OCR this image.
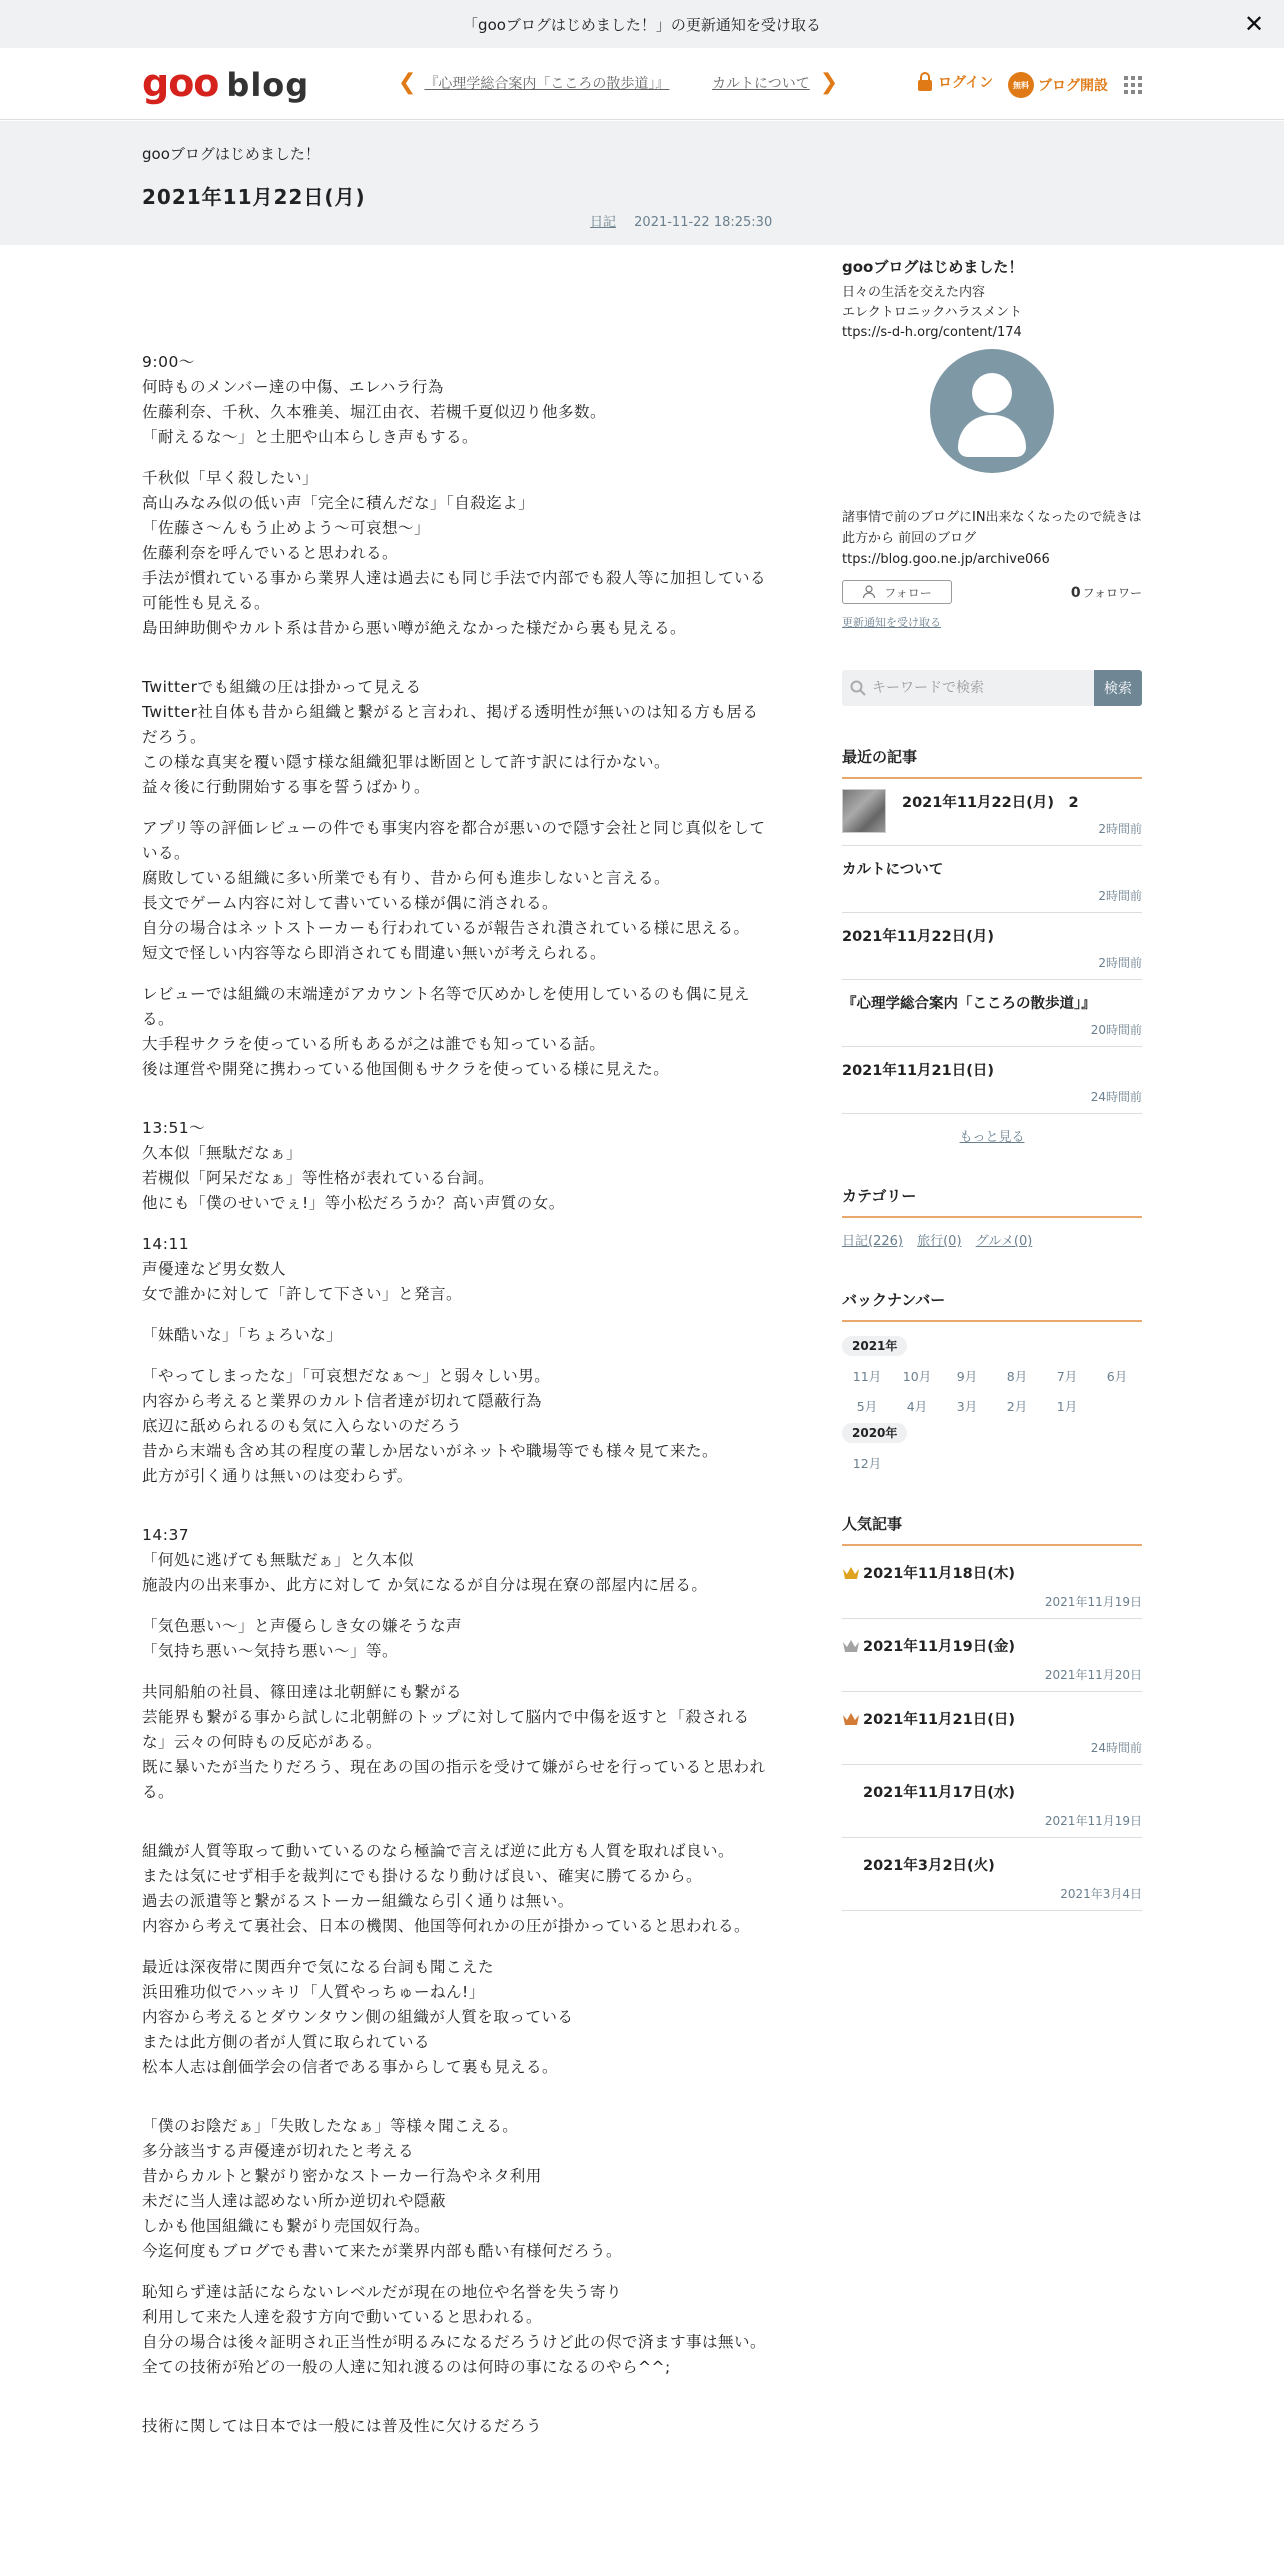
「gooブログはじめました！」の更新通知を受け取る	✕
goo blog	❮ 『心理学総合案内「こころの散歩道」』	カルトについて ❯	ログイン	無料 ブログ開設
gooブログはじめました！
2021年11月22日(月)
日記 2021-11-22 18:25:30

9:00～
何時ものメンバー達の中傷、エレハラ行為
佐藤利奈、千秋、久本雅美、堀江由衣、若槻千夏似辺り他多数。
「耐えるな～」と土肥や山本らしき声もする。

千秋似「早く殺したい」
高山みなみ似の低い声「完全に積んだな」「自殺迄よ」
「佐藤さ～んもう止めよう～可哀想～」
佐藤利奈を呼んでいると思われる。
手法が慣れている事から業界人達は過去にも同じ手法で内部でも殺人等に加担している可能性も見える。
島田紳助側やカルト系は昔から悪い噂が絶えなかった様だから裏も見える。

Twitterでも組織の圧は掛かって見える
Twitter社自体も昔から組織と繋がると言われ、掲げる透明性が無いのは知る方も居るだろう。
この様な真実を覆い隠す様な組織犯罪は断固として許す訳には行かない。
益々後に行動開始する事を誓うばかり。

アプリ等の評価レビューの件でも事実内容を都合が悪いので隠す会社と同じ真似をしている。
腐敗している組織に多い所業でも有り、昔から何も進歩しないと言える。
長文でゲーム内容に対して書いている様が偶に消される。
自分の場合はネットストーカーも行われているが報告され潰されている様に思える。
短文で怪しい内容等なら即消されても間違い無いが考えられる。

レビューでは組織の末端達がアカウント名等で仄めかしを使用しているのも偶に見える。
大手程サクラを使っている所もあるが之は誰でも知っている話。
後は運営や開発に携わっている他国側もサクラを使っている様に見えた。

13:51～
久本似「無駄だなぁ」
若槻似「阿呆だなぁ」等性格が表れている台詞。
他にも「僕のせいでぇ!」等小松だろうか？高い声質の女。

14:11
声優達など男女数人
女で誰かに対して「許して下さい」と発言。

「妹酷いな」「ちょろいな」

「やってしまったな」「可哀想だなぁ～」と弱々しい男。
内容から考えると業界のカルト信者達が切れて隠蔽行為
底辺に舐められるのも気に入らないのだろう
昔から末端も含め其の程度の輩しか居ないがネットや職場等でも様々見て来た。
此方が引く通りは無いのは変わらず。

14:37
「何処に逃げても無駄だぁ」と久本似
施設内の出来事か、此方に対して か気になるが自分は現在寮の部屋内に居る。

「気色悪い～」と声優らしき女の嫌そうな声
「気持ち悪い～気持ち悪い～」等。

共同船舶の社員、篠田達は北朝鮮にも繋がる
芸能界も繋がる事から試しに北朝鮮のトップに対して脳内で中傷を返すと「殺されるな」云々の何時もの反応がある。
既に暴いたが当たりだろう、現在あの国の指示を受けて嫌がらせを行っていると思われる。

組織が人質等取って動いているのなら極論で言えば逆に此方も人質を取れば良い。
または気にせず相手を裁判にでも掛けるなり動けば良い、確実に勝てるから。
過去の派遣等と繋がるストーカー組織なら引く通りは無い。
内容から考えて裏社会、日本の機関、他国等何れかの圧が掛かっていると思われる。

最近は深夜帯に関西弁で気になる台詞も聞こえた
浜田雅功似でハッキリ「人質やっちゅーねん!」
内容から考えるとダウンタウン側の組織が人質を取っている
または此方側の者が人質に取られている
松本人志は創価学会の信者である事からして裏も見える。

「僕のお陰だぁ」「失敗したなぁ」等様々聞こえる。
多分該当する声優達が切れたと考える
昔からカルトと繋がり密かなストーカー行為やネタ利用
未だに当人達は認めない所か逆切れや隠蔽
しかも他国組織にも繋がり売国奴行為。
今迄何度もブログでも書いて来たが業界内部も酷い有様何だろう。

恥知らず達は話にならないレベルだが現在の地位や名誉を失う寄り
利用して来た人達を殺す方向で動いていると思われる。
自分の場合は後々証明され正当性が明るみになるだろうけど此の侭で済ます事は無い。
全ての技術が殆どの一般の人達に知れ渡るのは何時の事になるのやら^^;

技術に関しては日本では一般には普及性に欠けるだろう

gooブログはじめました！
日々の生活を交えた内容
エレクトロニックハラスメント
ttps://s-d-h.org/content/174
諸事情で前のブログにIN出来なくなったので続きは此方から 前回のブログ ttps://blog.goo.ne.jp/archive066
フォロー	0 フォロワー
更新通知を受け取る
キーワードで検索
検索
最近の記事
2021年11月22日(月)　2
2時間前
カルトについて
2時間前
2021年11月22日(月)
2時間前
『心理学総合案内「こころの散歩道」』
20時間前
2021年11月21日(日)
24時間前
もっと見る
カテゴリー
日記(226) 旅行(0) グルメ(0)
バックナンバー
2021年
11月	10月	9月	8月	7月	6月
5月	4月	3月	2月	1月
2020年
12月
人気記事
2021年11月18日(木)
2021年11月19日
2021年11月19日(金)
2021年11月20日
2021年11月21日(日)
24時間前
2021年11月17日(水)
2021年11月19日
2021年3月2日(火)
2021年3月4日
